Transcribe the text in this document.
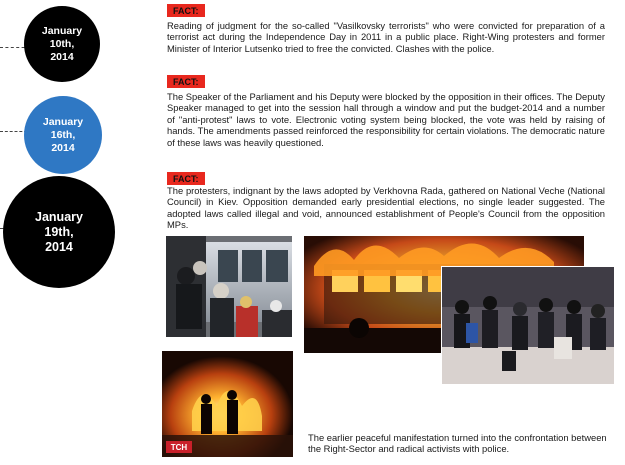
January
10th,
2014
January
16th,
2014
January
19th,
2014
FACT:
FACT:
FACT:
Reading of judgment for the so-called "Vasilkovsky terrorists" who were convicted for preparation of a terrorist act during the Independence Day in 2011 in a public place. Right-Wing protesters and former Minister of Interior Lutsenko tried to free the convicted. Clashes with the police.
The Speaker of the Parliament and his Deputy were blocked by the opposition in their offices. The Deputy Speaker managed to get into the session hall through a window and put the budget-2014 and a number of "anti-protest" laws to vote. Electronic voting system being blocked, the vote was held by raising of hands. The amendments passed reinforced the responsibility for certain violations. The democratic nature of these laws was heavily questioned.
The protesters, indignant by the laws adopted by Verkhovna Rada, gathered on National Veche (National Council) in Kiev. Opposition demanded early presidential elections, no single leader suggested. The adopted laws called illegal and void, announced establishment of People's Council from the opposition MPs.
TCH
The earlier peaceful manifestation turned into the confrontation between the Right-Sector and radical activists with police.
